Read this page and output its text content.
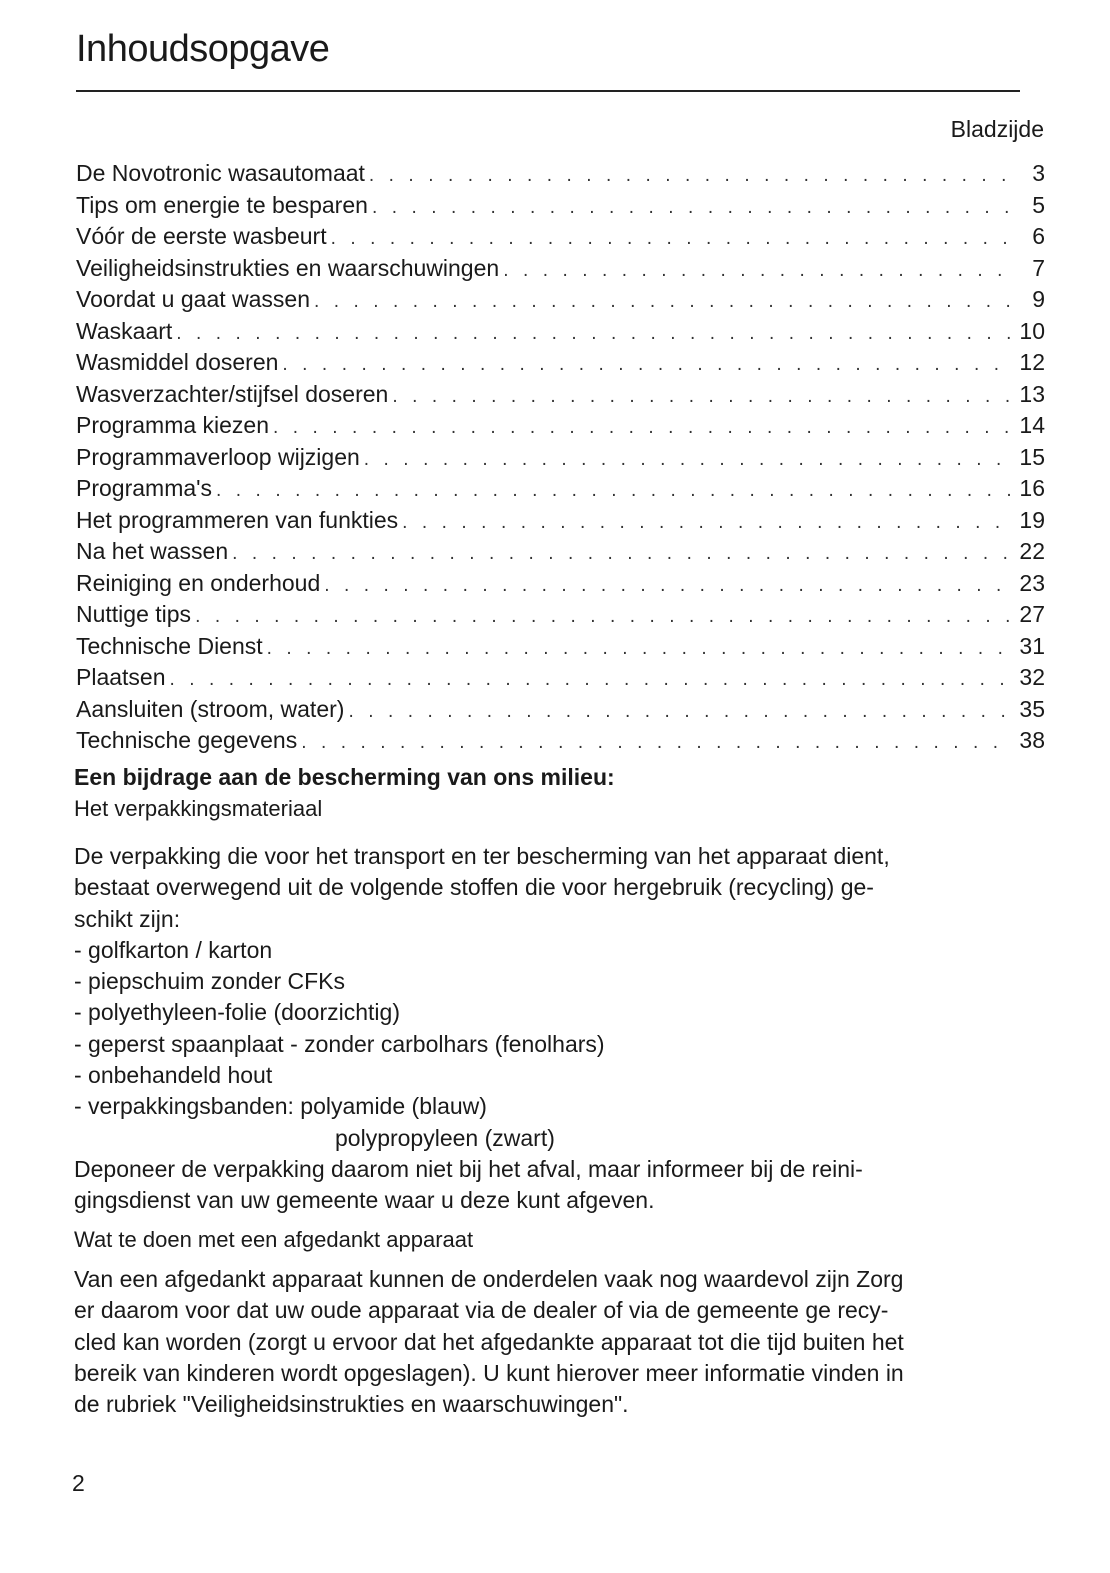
Inhoudsopgave
Bladzijde
De Novotronic wasautomaat . . .	3
Tips om energie te besparen . . .	5
Vóór de eerste wasbeurt . . .	6
Veiligheidsinstrukties en waarschuwingen . . .	7
Voordat u gaat wassen . . .	9
Waskaart . . .	10
Wasmiddel doseren . . .	12
Wasverzachter/stijfsel doseren . . .	13
Programma kiezen . . .	14
Programmaverloop wijzigen . . .	15
Programma's . . .	16
Het programmeren van funkties . . .	19
Na het wassen . . .	22
Reiniging en onderhoud . . .	23
Nuttige tips . . .	27
Technische Dienst . . .	31
Plaatsen . . .	32
Aansluiten (stroom, water) . . .	35
Technische gegevens . . .	38
Een bijdrage aan de bescherming van ons milieu:
Het verpakkingsmateriaal
De verpakking die voor het transport en ter bescherming van het apparaat dient,
bestaat overwegend uit de volgende stoffen die voor hergebruik (recycling) ge-
schikt zijn:
- golfkarton / karton
- piepschuim zonder CFKs
- polyethyleen-folie (doorzichtig)
- geperst spaanplaat - zonder carbolhars (fenolhars)
- onbehandeld hout
- verpakkingsbanden: polyamide (blauw)
polypropyleen (zwart)
Deponeer de verpakking daarom niet bij het afval, maar informeer bij de reini-
gingsdienst van uw gemeente waar u deze kunt afgeven.
Wat te doen met een afgedankt apparaat
Van een afgedankt apparaat kunnen de onderdelen vaak nog waardevol zijn Zorg
er daarom voor dat uw oude apparaat via de dealer of via de gemeente ge recy-
cled kan worden (zorgt u ervoor dat het afgedankte apparaat tot die tijd buiten het
bereik van kinderen wordt opgeslagen). U kunt hierover meer informatie vinden in
de rubriek "Veiligheidsinstrukties en waarschuwingen".
2
